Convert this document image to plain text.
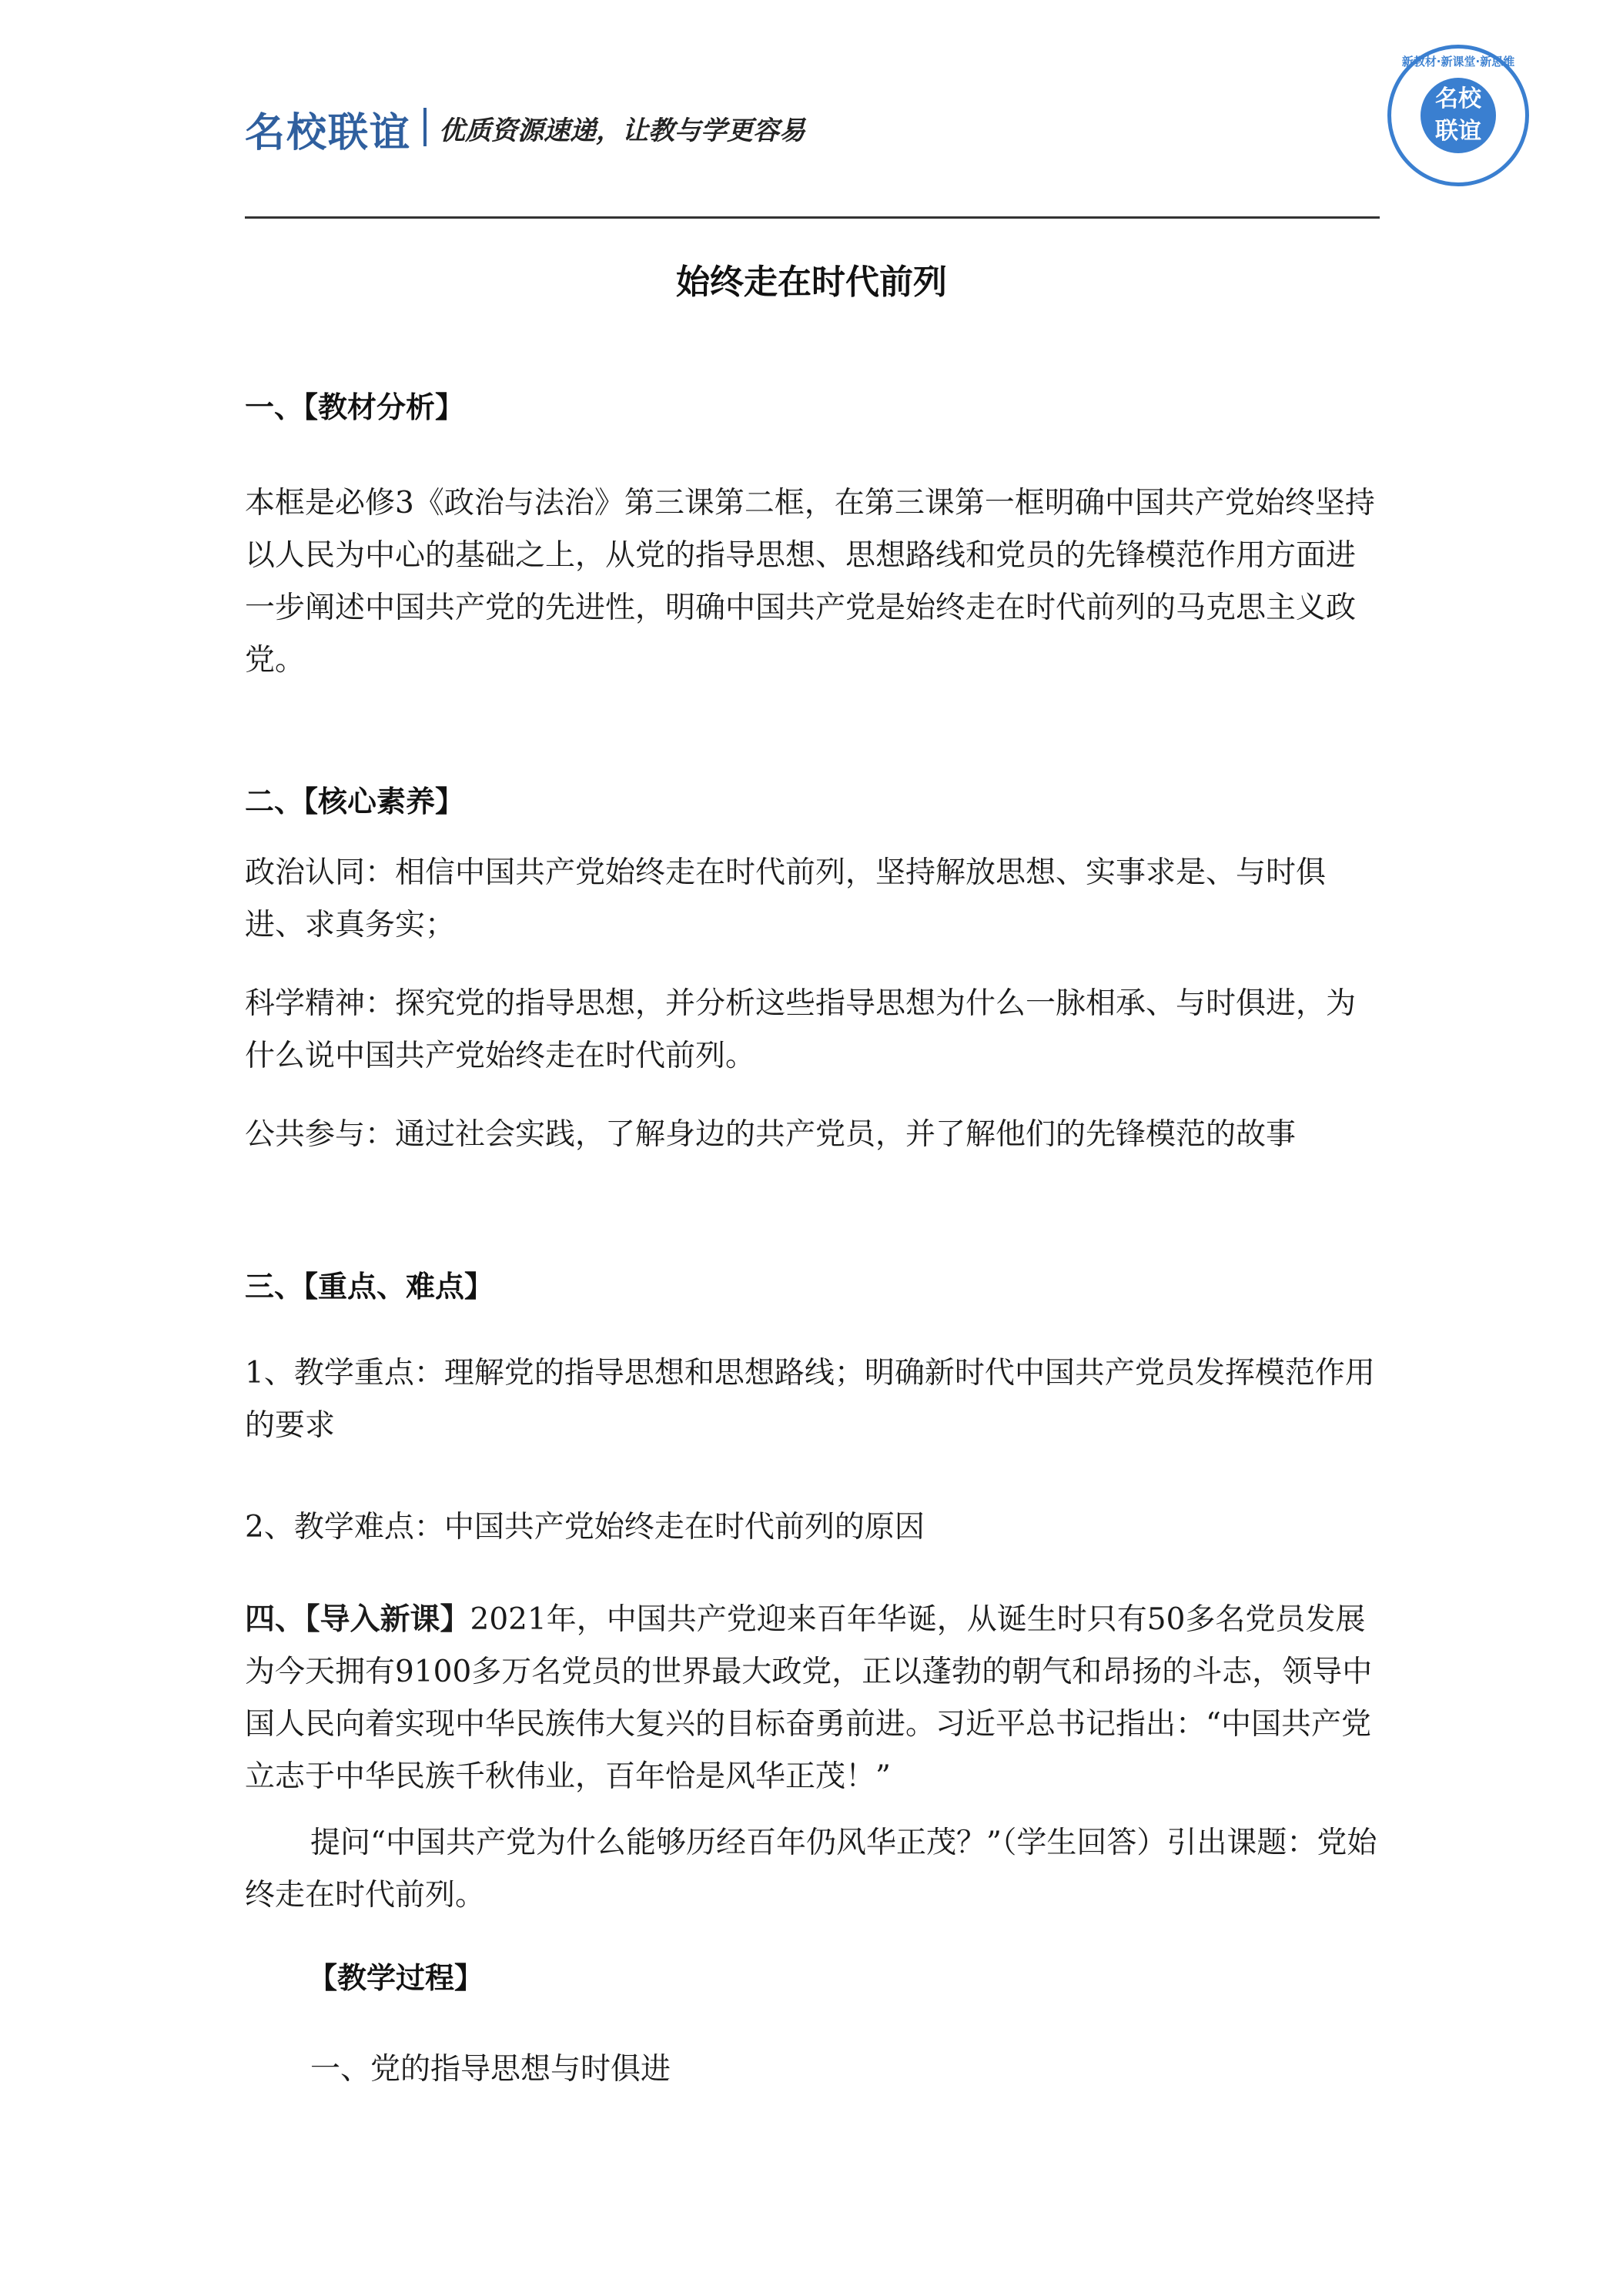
名校联谊 优质资源速递，让教与学更容易
新教材·新课堂·新思维
名校
联谊
始终走在时代前列
一、【教材分析】
本框是必修3《政治与法治》第三课第二框，在第三课第一框明确中国共产党始终坚持以人民为中心的基础之上，从党的指导思想、思想路线和党员的先锋模范作用方面进一步阐述中国共产党的先进性，明确中国共产党是始终走在时代前列的马克思主义政党。
二、【核心素养】
政治认同：相信中国共产党始终走在时代前列，坚持解放思想、实事求是、与时俱进、求真务实；
科学精神：探究党的指导思想，并分析这些指导思想为什么一脉相承、与时俱进，为什么说中国共产党始终走在时代前列。
公共参与：通过社会实践，了解身边的共产党员，并了解他们的先锋模范的故事
三、【重点、难点】
1、教学重点：理解党的指导思想和思想路线；明确新时代中国共产党员发挥模范作用的要求
2、教学难点：中国共产党始终走在时代前列的原因
四、【导入新课】2021年，中国共产党迎来百年华诞，从诞生时只有50多名党员发展为今天拥有9100多万名党员的世界最大政党，正以蓬勃的朝气和昂扬的斗志，领导中国人民向着实现中华民族伟大复兴的目标奋勇前进。习近平总书记指出：“中国共产党立志于中华民族千秋伟业，百年恰是风华正茂！”
提问“中国共产党为什么能够历经百年仍风华正茂？”（学生回答）引出课题：党始终走在时代前列。
【教学过程】
一、党的指导思想与时俱进
